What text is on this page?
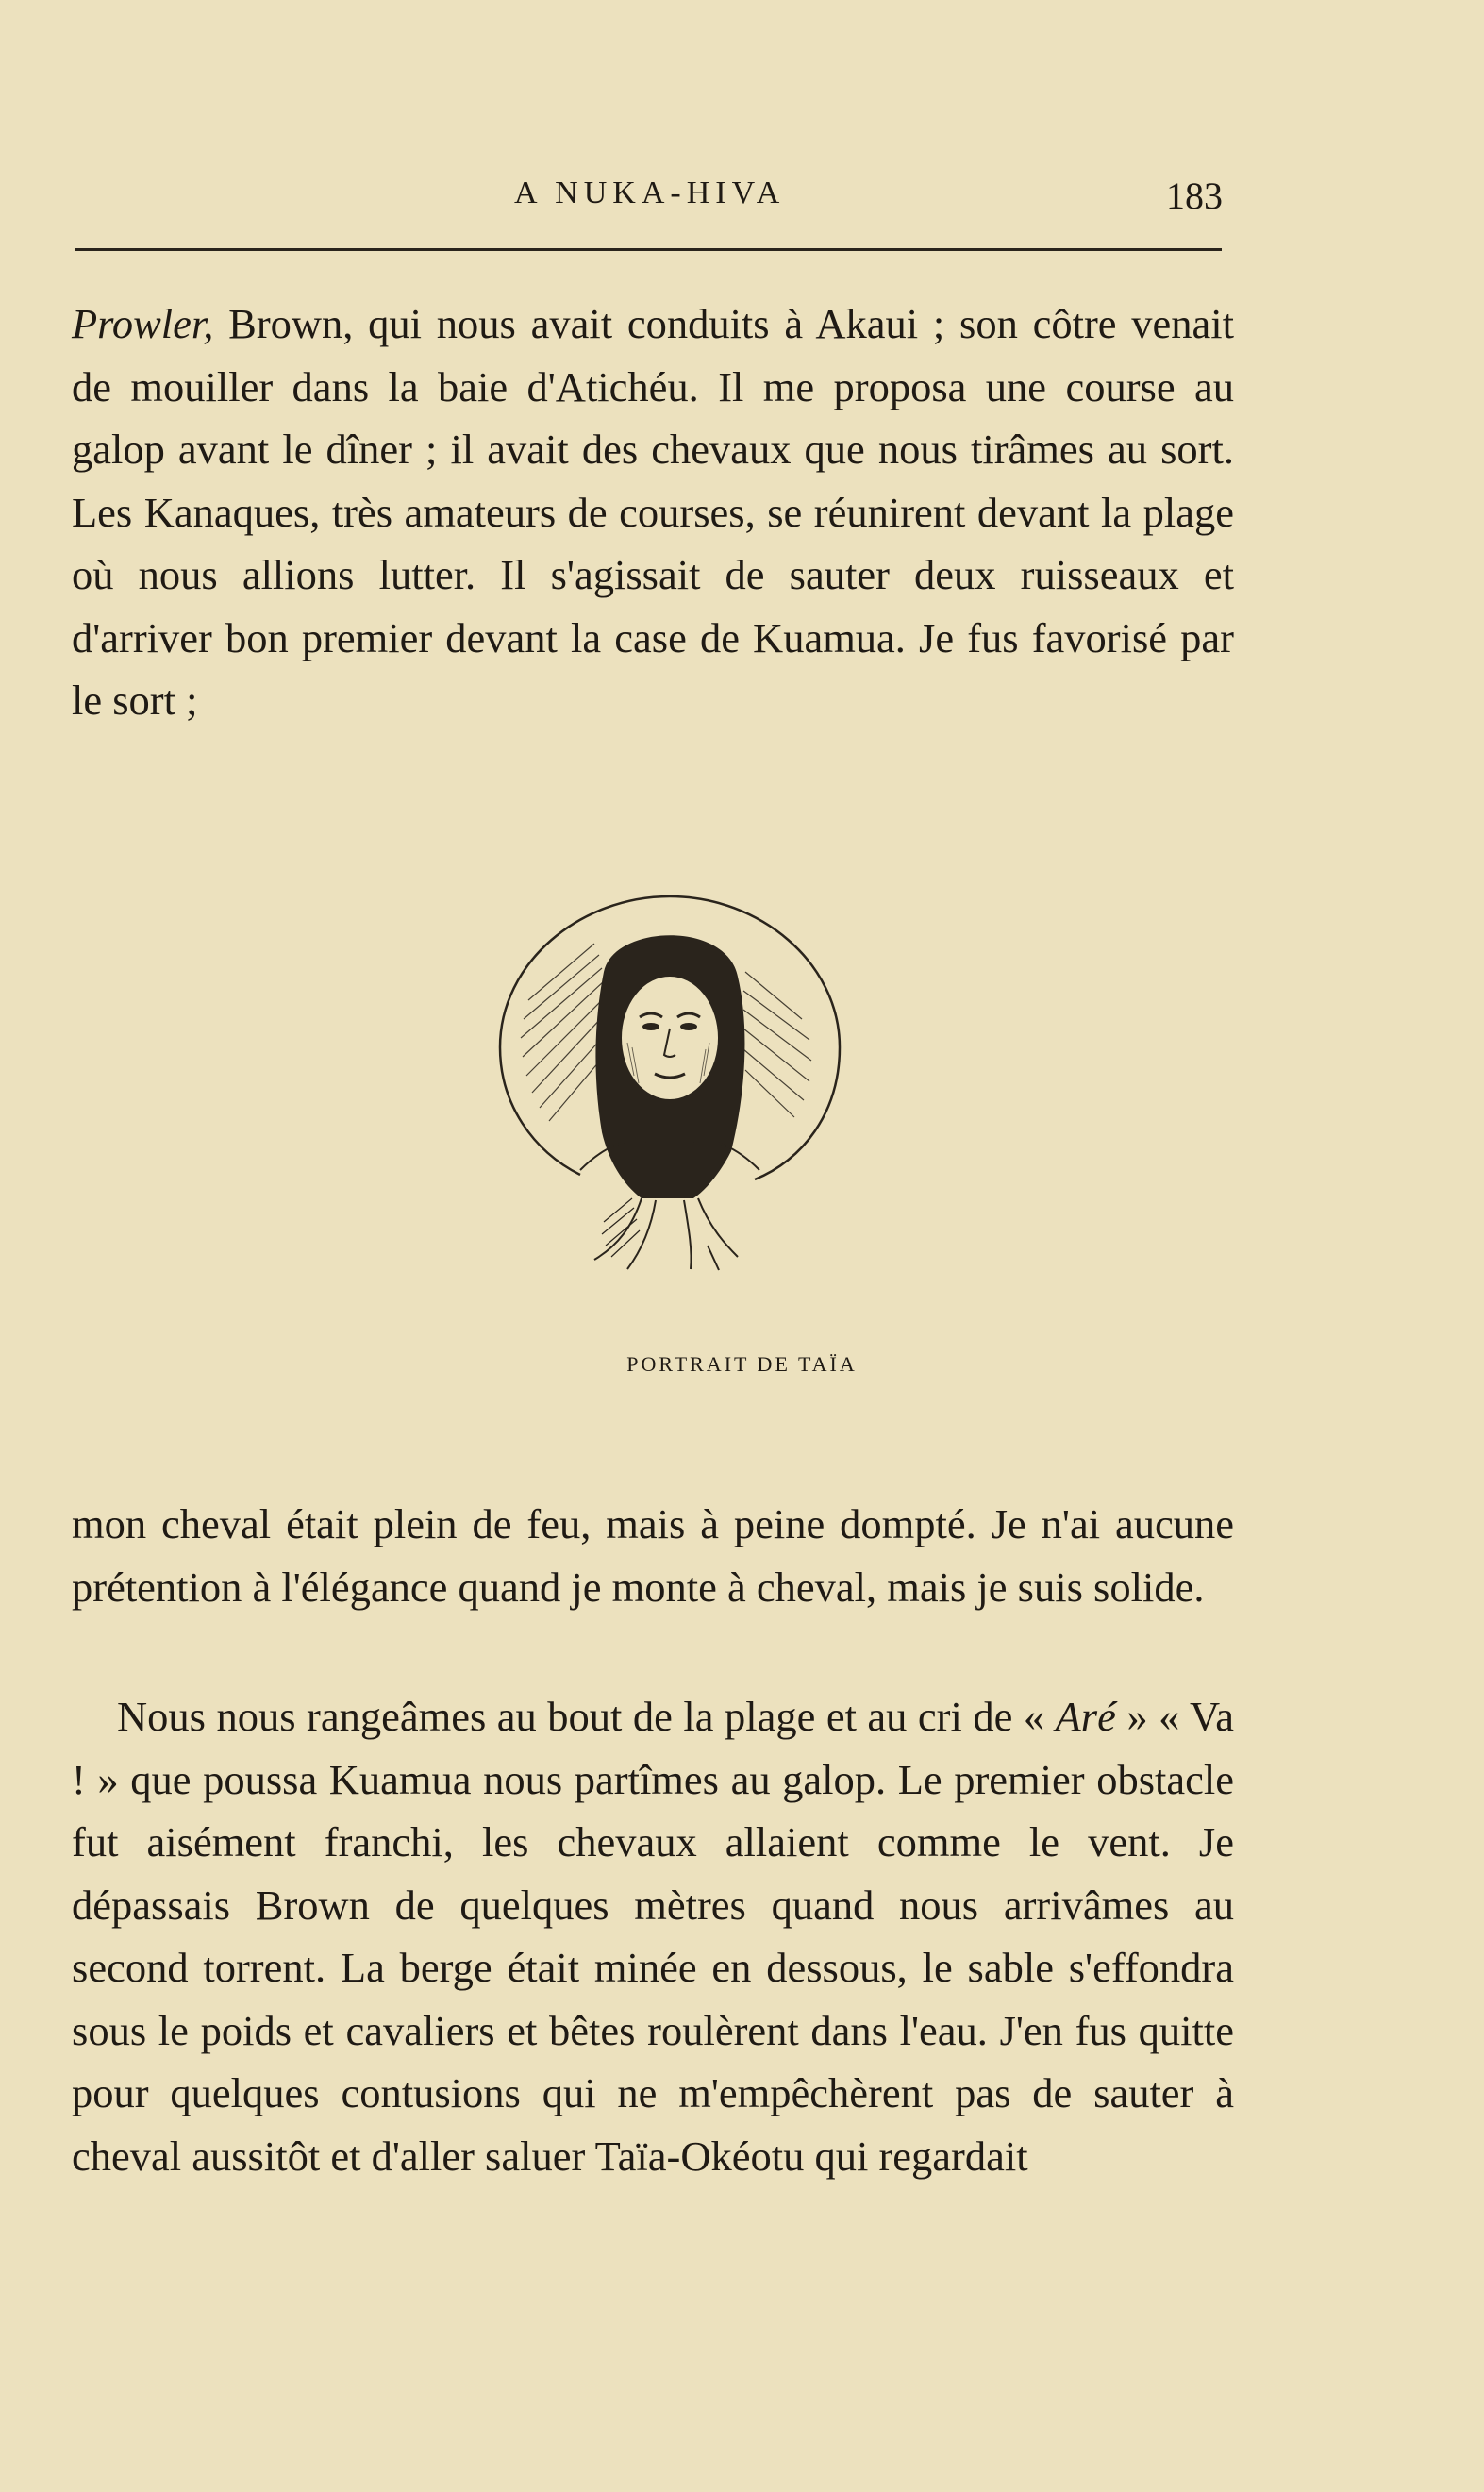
A NUKA-HIVA	183

Prowler, Brown, qui nous avait conduits à Akaui ; son côtre venait de mouiller dans la baie d'Atichéu. Il me proposa une course au galop avant le dîner ; il avait des chevaux que nous tirâmes au sort. Les Kanaques, très amateurs de courses, se réunirent devant la plage où nous allions lutter. Il s'agissait de sauter deux ruisseaux et d'arriver bon premier devant la case de Kuamua. Je fus favorisé par le sort ;

PORTRAIT DE TAÏA

mon cheval était plein de feu, mais à peine dompté. Je n'ai aucune prétention à l'élégance quand je monte à cheval, mais je suis solide.

Nous nous rangeâmes au bout de la plage et au cri de « Aré » « Va ! » que poussa Kuamua nous partîmes au galop. Le premier obstacle fut aisément franchi, les chevaux allaient comme le vent. Je dépassais Brown de quelques mètres quand nous arrivâmes au second torrent. La berge était minée en dessous, le sable s'effondra sous le poids et cavaliers et bêtes roulèrent dans l'eau. J'en fus quitte pour quelques contusions qui ne m'empêchèrent pas de sauter à cheval aussitôt et d'aller saluer Taïa-Okéotu qui regardait
